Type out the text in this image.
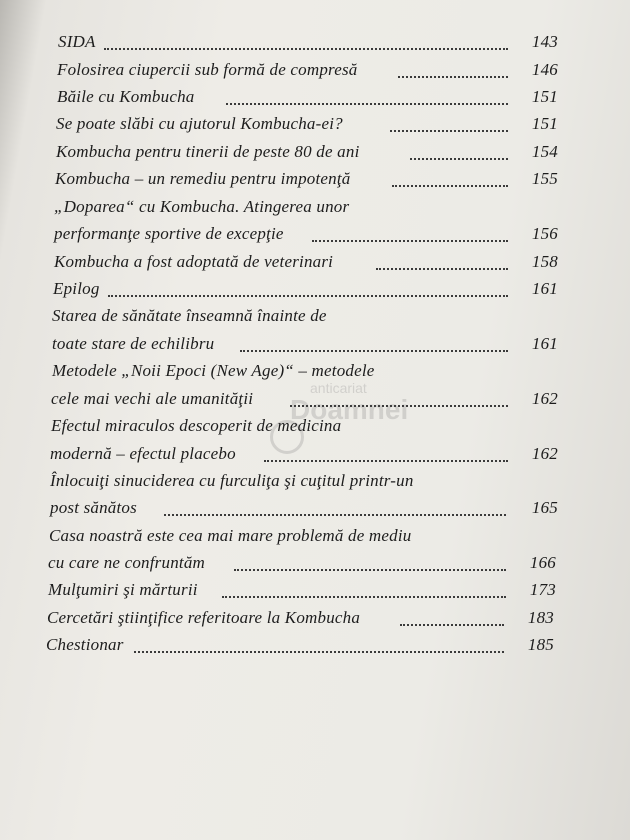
SIDA	143
Folosirea ciupercii sub formă de compresă	146
Băile cu Kombucha	151
Se poate slăbi cu ajutorul Kombucha-ei?	151
Kombucha pentru tinerii de peste 80 de ani	154
Kombucha – un remediu pentru impotenţă	155
„Doparea“ cu Kombucha. Atingerea unor
performanţe sportive de excepţie	156
Kombucha a fost adoptată de veterinari	158
Epilog	161
Starea de sănătate înseamnă înainte de
toate stare de echilibru	161
Metodele „Noii Epoci (New Age)“ – metodele
cele mai vechi ale umanităţii	162
Efectul miraculos descoperit de medicina
modernă – efectul placebo	162
Înlocuiţi sinuciderea cu furculiţa şi cuţitul printr-un
post sănătos	165
Casa noastră este cea mai mare problemă de mediu
cu care ne confruntăm	166
Mulţumiri şi mărturii	173
Cercetări ştiinţifice referitoare la Kombucha	183
Chestionar	185
anticariat
Doamnei
